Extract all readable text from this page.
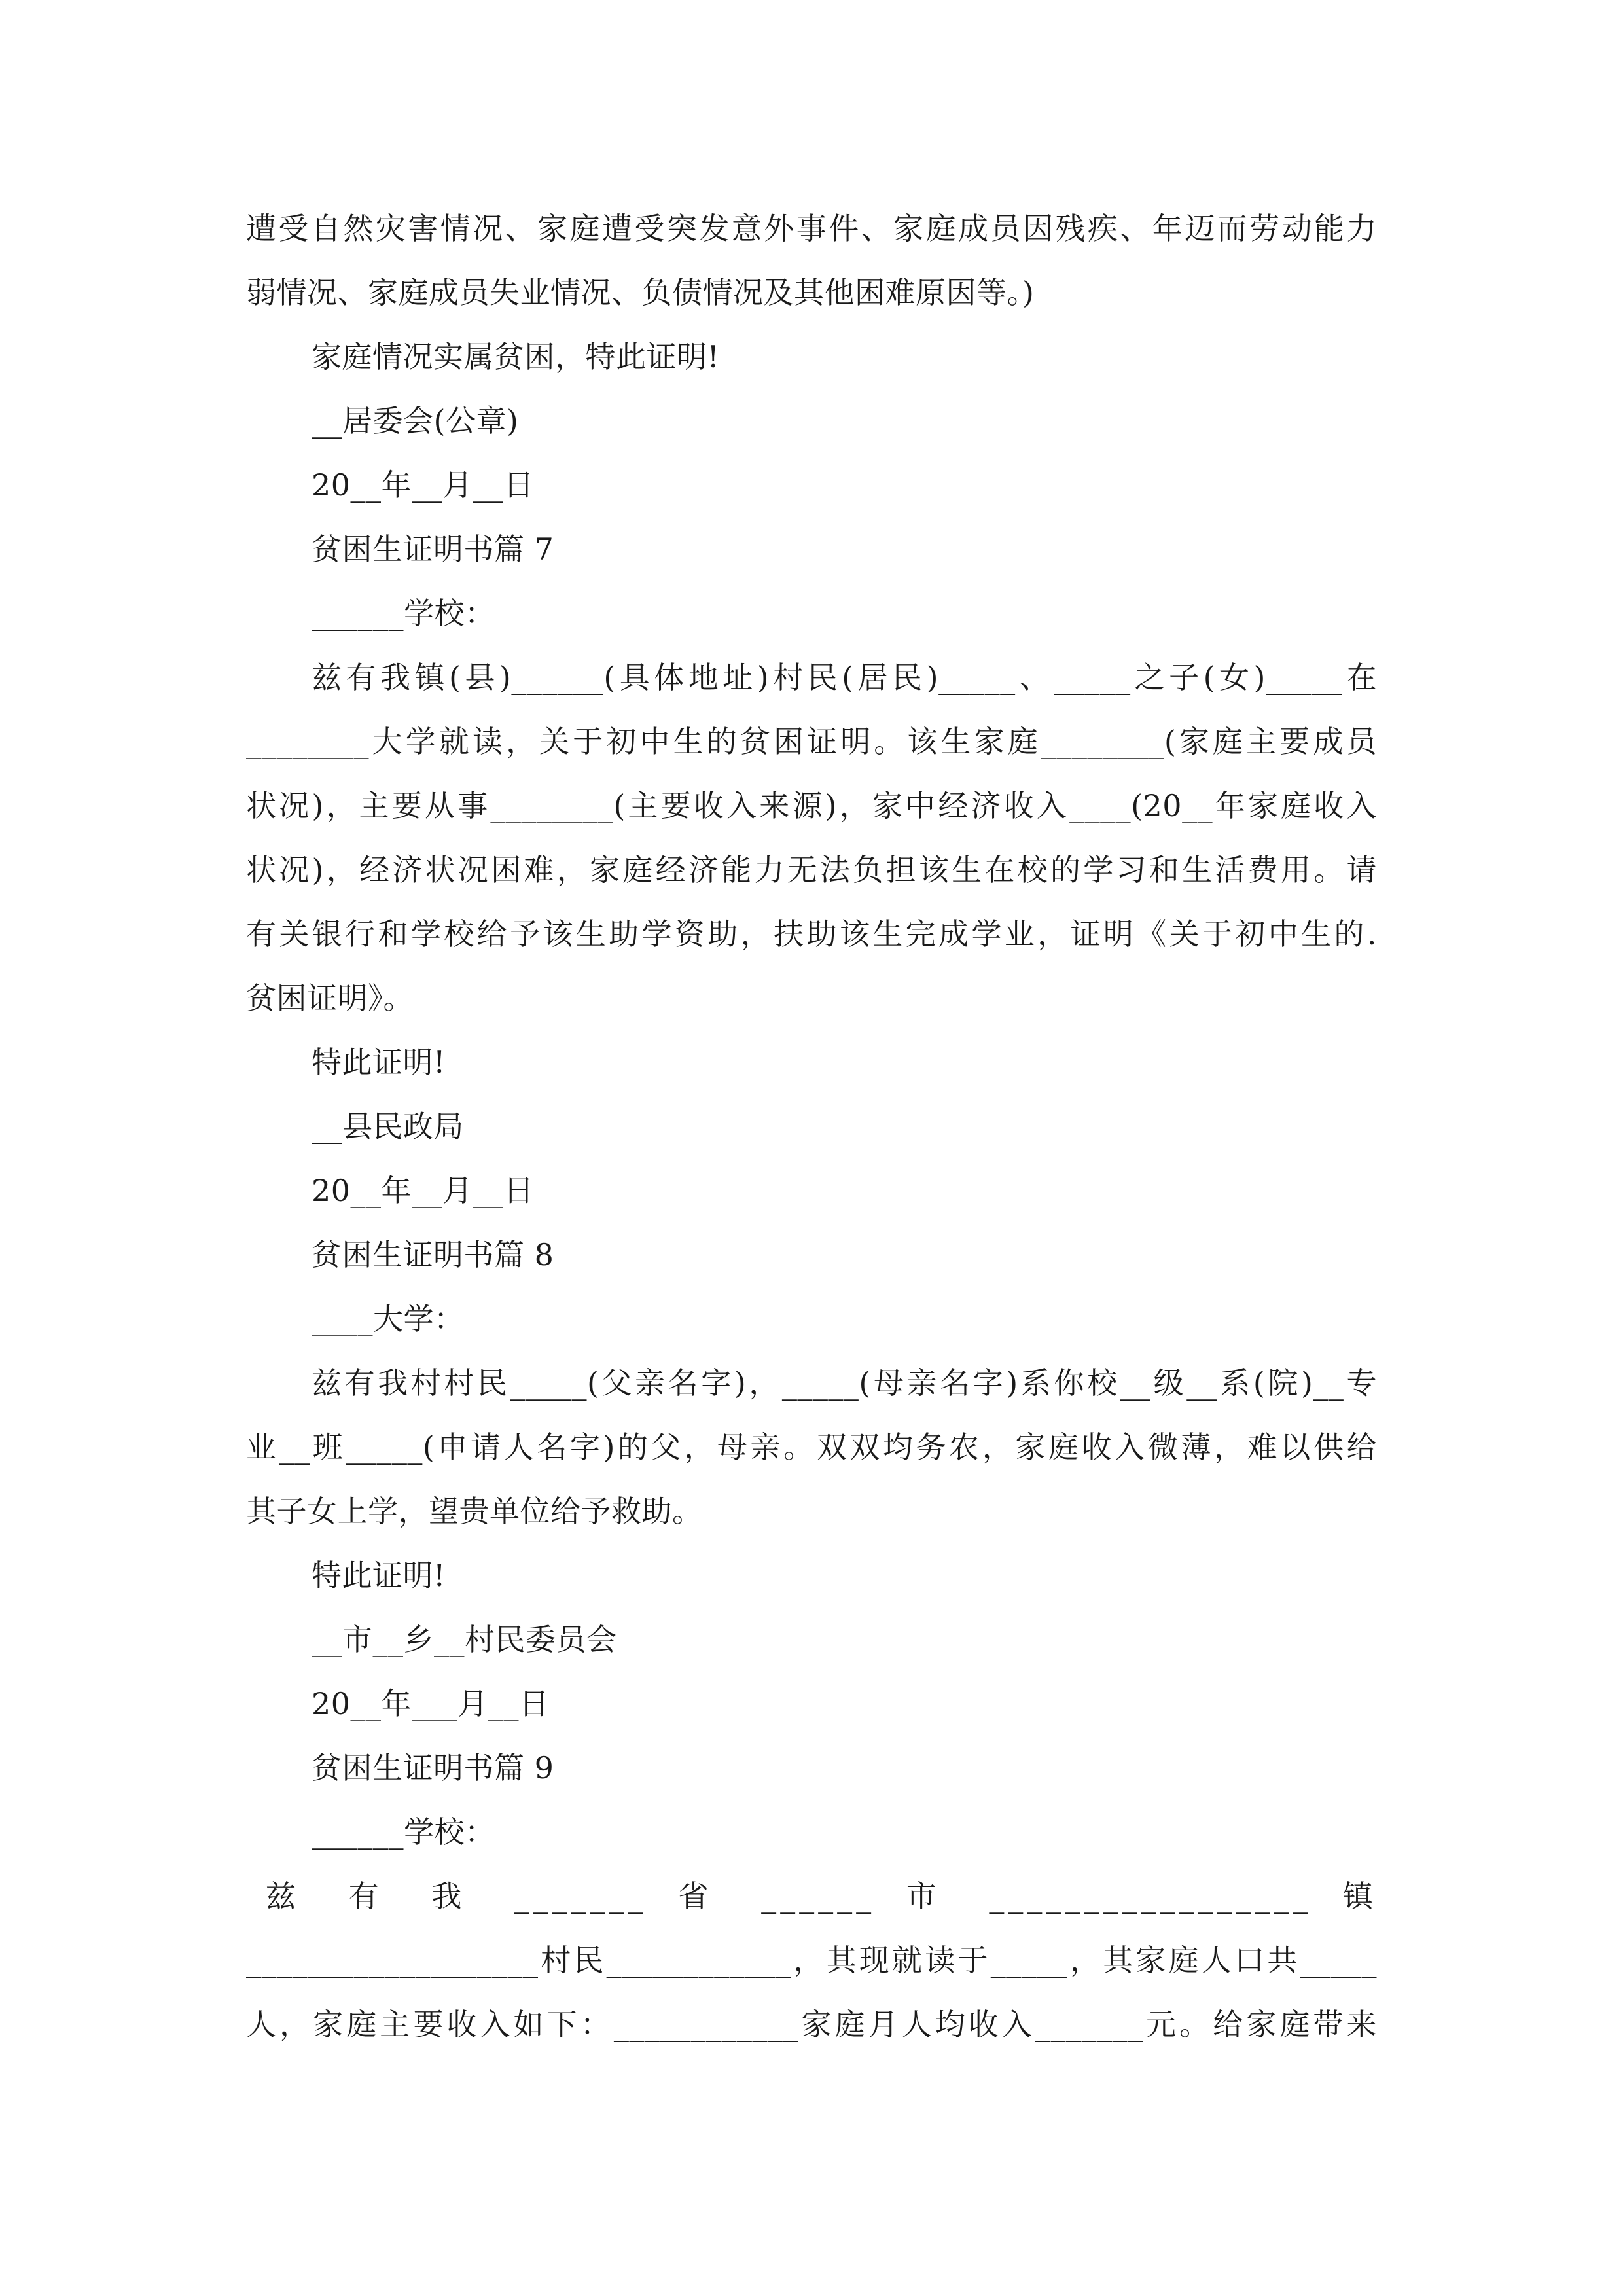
遭受自然灾害情况、家庭遭受突发意外事件、家庭成员因残疾、年迈而劳动能力
弱情况、家庭成员失业情况、负债情况及其他困难原因等。)
家庭情况实属贫困，特此证明!
__居委会(公章)
20__年__月__日
贫困生证明书篇 7
______学校：
兹有我镇(县)______(具体地址)村民(居民)_____、_____之子(女)_____在
________大学就读，关于初中生的贫困证明。该生家庭________(家庭主要成员
状况)，主要从事________(主要收入来源)，家中经济收入____(20__年家庭收入
状况)，经济状况困难，家庭经济能力无法负担该生在校的学习和生活费用。请
有关银行和学校给予该生助学资助，扶助该生完成学业，证明《关于初中生的.
贫困证明》。
特此证明!
__县民政局
20__年__月__日
贫困生证明书篇 8
____大学：
兹有我村村民_____(父亲名字)，_____(母亲名字)系你校__级__系(院)__专
业__班_____(申请人名字)的父，母亲。双双均务农，家庭收入微薄，难以供给
其子女上学，望贵单位给予救助。
特此证明!
__市__乡__村民委员会
20__年___月__日
贫困生证明书篇 9
______学校：
兹 有 我 _______ 省 ______ 市 _________________ 镇
___________________村民____________，其现就读于_____，其家庭人口共_____
人，家庭主要收入如下：____________家庭月人均收入_______元。给家庭带来
